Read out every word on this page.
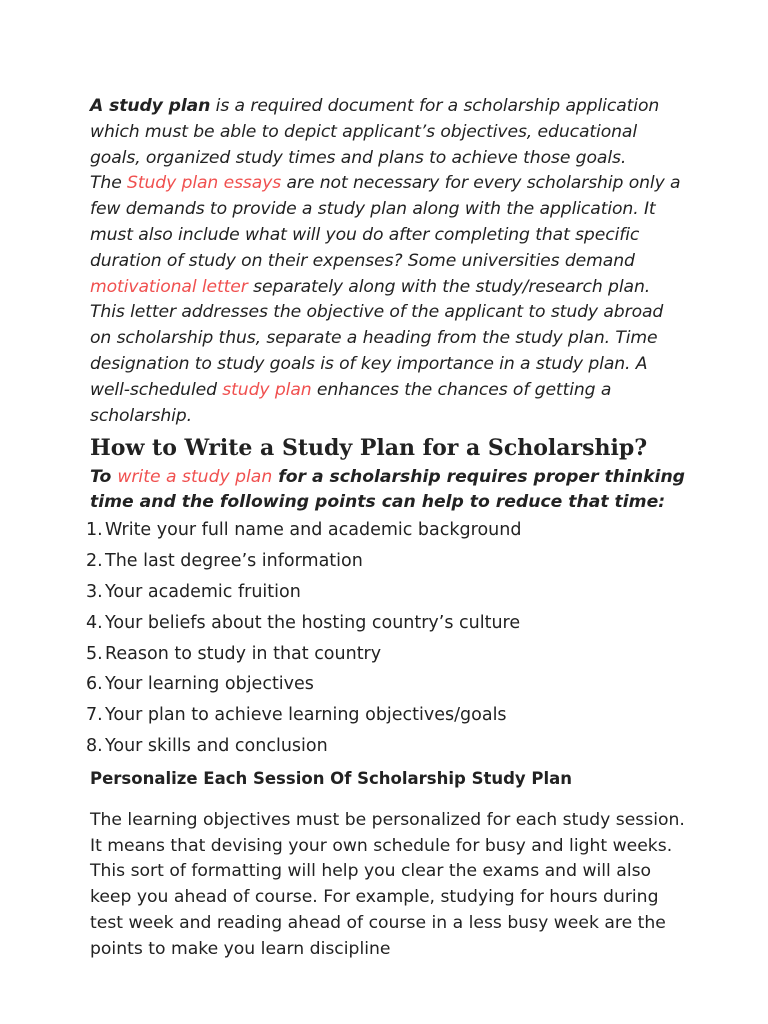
A study plan is a required document for a scholarship application which must be able to depict applicant’s objectives, educational goals, organized study times and plans to achieve those goals.

The Study plan essays are not necessary for every scholarship only a few demands to provide a study plan along with the application. It must also include what will you do after completing that specific duration of study on their expenses? Some universities demand motivational letter separately along with the study/research plan. This letter addresses the objective of the applicant to study abroad on scholarship thus, separate a heading from the study plan. Time designation to study goals is of key importance in a study plan. A well-scheduled study plan enhances the chances of getting a scholarship.

How to Write a Study Plan for a Scholarship?

To write a study plan for a scholarship requires proper thinking time and the following points can help to reduce that time:

1. Write your full name and academic background
2. The last degree’s information
3. Your academic fruition
4. Your beliefs about the hosting country’s culture
5. Reason to study in that country
6. Your learning objectives
7. Your plan to achieve learning objectives/goals
8. Your skills and conclusion
Personalize Each Session Of Scholarship Study Plan

The learning objectives must be personalized for each study session. It means that devising your own schedule for busy and light weeks. This sort of formatting will help you clear the exams and will also keep you ahead of course. For example, studying for hours during test week and reading ahead of course in a less busy week are the points to make you learn discipline
